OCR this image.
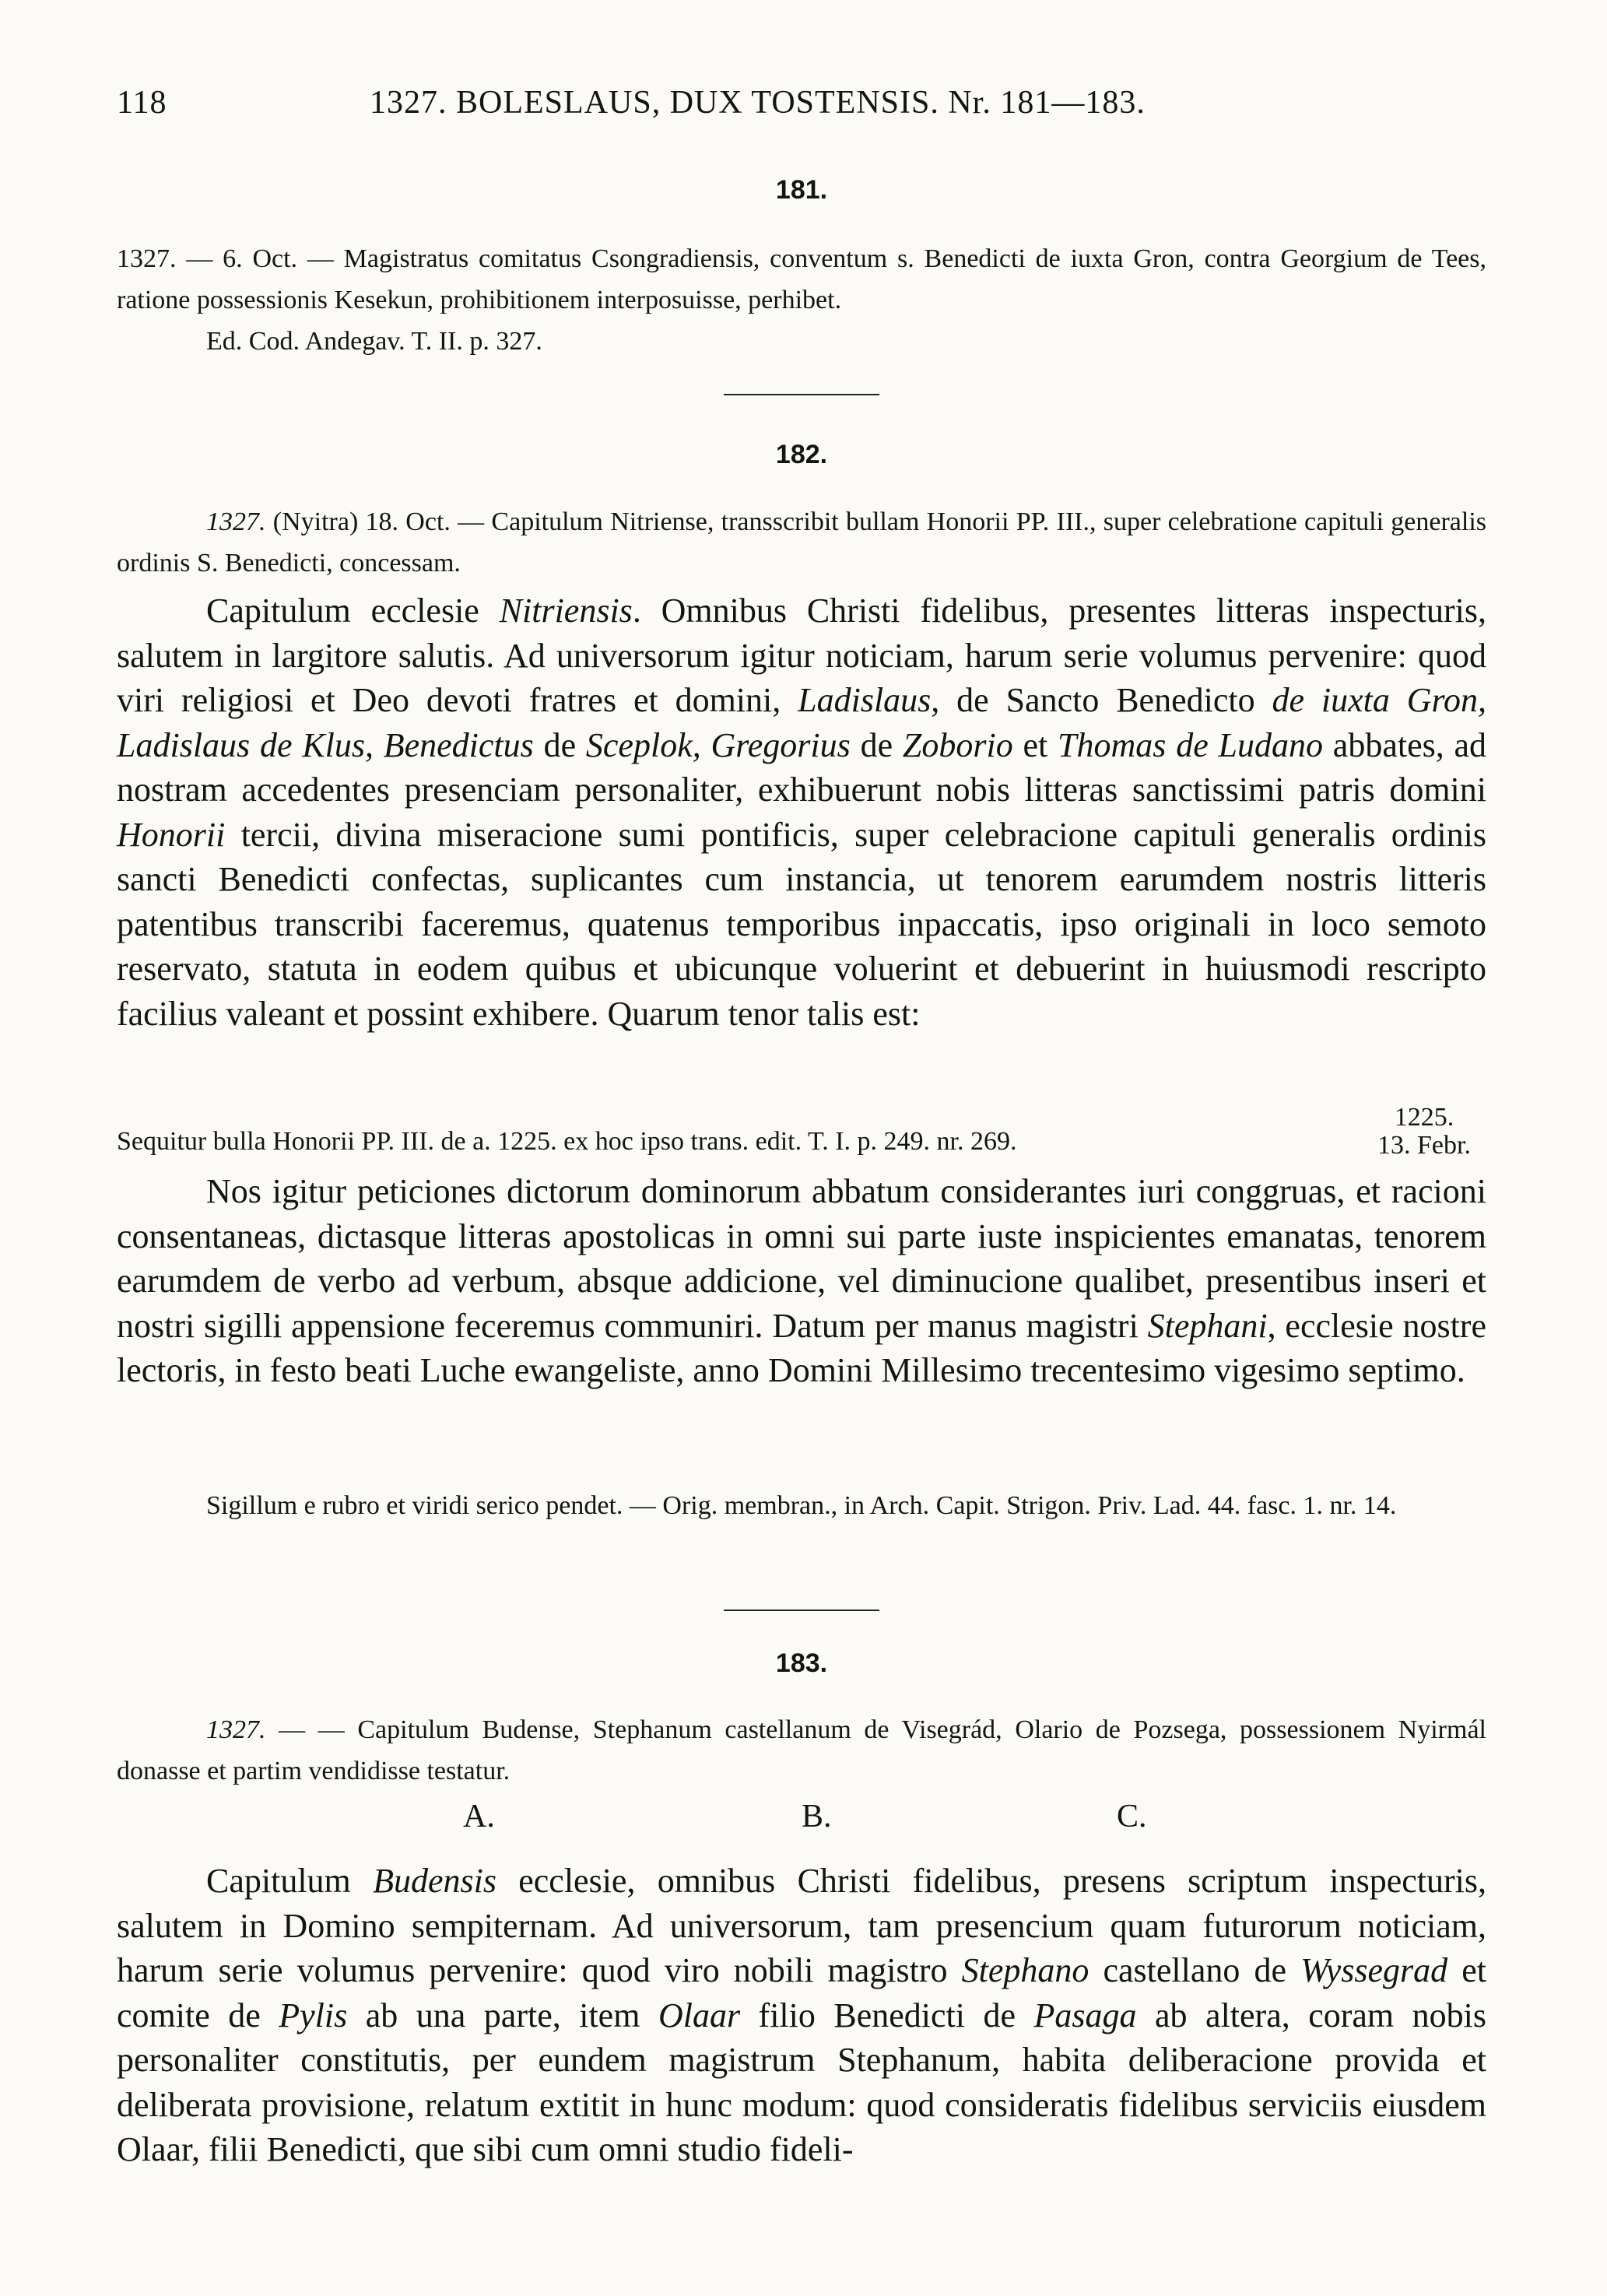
118	1327. BOLESLAUS, DUX TOSTENSIS. Nr. 181—183.
181.

1327. — 6. Oct. — Magistratus comitatus Csongradiensis, conventum s. Benedicti de iuxta Gron, contra Georgium de Tees, ratione possessionis Kesekun, prohibitionem interposuisse, perhibet.

Ed. Cod. Andegav. T. II. p. 327.

182.

1327. (Nyitra) 18. Oct. — Capitulum Nitriense, transscribit bullam Honorii PP. III., super celebratione capituli generalis ordinis S. Benedicti, concessam.

Capitulum ecclesie Nitriensis. Omnibus Christi fidelibus, presentes litteras inspecturis, salutem in largitore salutis. Ad universorum igitur noticiam, harum serie volumus pervenire: quod viri religiosi et Deo devoti fratres et domini, Ladislaus, de Sancto Benedicto de iuxta Gron, Ladislaus de Klus, Benedictus de Sceplok, Gregorius de Zoborio et Thomas de Ludano abbates, ad nostram accedentes presenciam personaliter, exhibuerunt nobis litteras sanctissimi patris domini Honorii tercii, divina miseracione sumi pontificis, super celebracione capituli generalis ordinis sancti Benedicti confectas, suplicantes cum instancia, ut tenorem earumdem nostris litteris patentibus transcribi faceremus, quatenus temporibus inpaccatis, ipso originali in loco semoto reservato, statuta in eodem quibus et ubicunque voluerint et debuerint in huiusmodi rescripto facilius valeant et possint exhibere. Quarum tenor talis est:

Sequitur bulla Honorii PP. III. de a. 1225. ex hoc ipso trans. edit. T. I. p. 249. nr. 269.

1225.
13. Febr.

Nos igitur peticiones dictorum dominorum abbatum considerantes iuri conggruas, et racioni consentaneas, dictasque litteras apostolicas in omni sui parte iuste inspicientes emanatas, tenorem earumdem de verbo ad verbum, absque addicione, vel diminucione qualibet, presentibus inseri et nostri sigilli appensione feceremus communiri. Datum per manus magistri Stephani, ecclesie nostre lectoris, in festo beati Luche ewangeliste, anno Domini Millesimo trecentesimo vigesimo septimo.

Sigillum e rubro et viridi serico pendet. — Orig. membran., in Arch. Capit. Strigon. Priv. Lad. 44. fasc. 1. nr. 14.

183.

1327. — — Capitulum Budense, Stephanum castellanum de Visegrád, Olario de Pozsega, possessionem Nyirmál donasse et partim vendidisse testatur.

A.	B.	C.

Capitulum Budensis ecclesie, omnibus Christi fidelibus, presens scriptum inspecturis, salutem in Domino sempiternam. Ad universorum, tam presencium quam futurorum noticiam, harum serie volumus pervenire: quod viro nobili magistro Stephano castellano de Wyssegrad et comite de Pylis ab una parte, item Olaar filio Benedicti de Pasaga ab altera, coram nobis personaliter constitutis, per eundem magistrum Stephanum, habita deliberacione provida et deliberata provisione, relatum extitit in hunc modum: quod consideratis fidelibus serviciis eiusdem Olaar, filii Benedicti, que sibi cum omni studio fideli-
